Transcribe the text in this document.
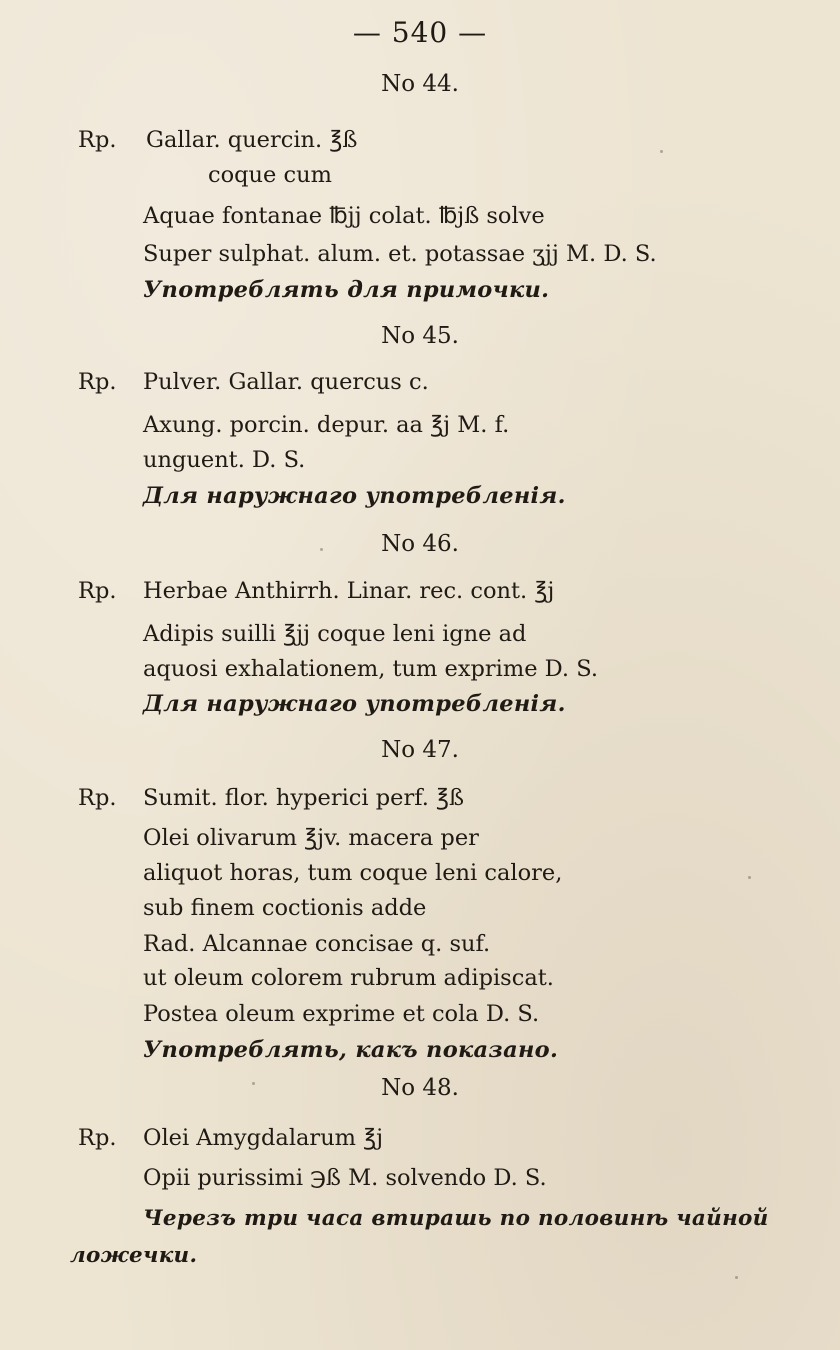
— 540 —
No 44.
Rp. Gallar. quercin. ℥ß
coque cum
Aquae fontanae ℔jj colat. ℔jß solve
Super sulphat. alum. et. potassae ʒjj M. D. S.
Употреблять для примочки.
No 45.
Rp. Pulver. Gallar. quercus c.
Axung. porcin. depur. aa ℥j M. f.
unguent. D. S.
Для наружнаго употребленія.
No 46.
Rp. Herbae Anthirrh. Linar. rec. cont. ℥j
Adipis suilli ℥jj coque leni igne ad
aquosi exhalationem, tum exprime D. S.
Для наружнаго употребленія.
No 47.
Rp. Sumit. flor. hyperici perf. ℥ß
Olei olivarum ℥jv. macera per
aliquot horas, tum coque leni calore,
sub finem coctionis adde
Rad. Alcannae concisae q. suf.
ut oleum colorem rubrum adipiscat.
Postea oleum exprime et cola D. S.
Употреблять, какъ показано.
No 48.
Rp. Olei Amygdalarum ℥j
Opii purissimi ℈ß M. solvendo D. S.
Черезъ три часа втирашь по половинѣ чайной
ложечки.
